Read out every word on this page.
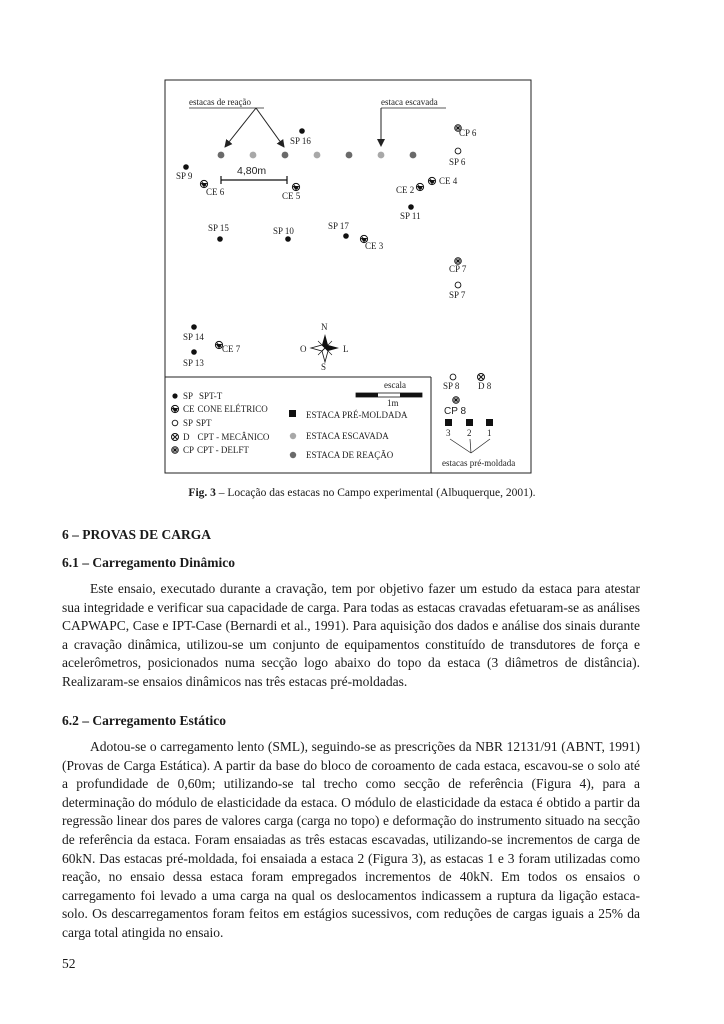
estacas de reação	estaca escavada
4,80m
SP 16
SP 9
CE 6	CE 5
CP 6
SP 6
CE 4
CE 2
SP 11
SP 15	SP 10	SP 17
CE 3
CP 7
SP 7
SP 14
CE 7
SP 13
N
O	L
S
escala
1m
SP SPT-T
CE CONE ELÉTRICO
SP SPT
D CPT - MECÂNICO
CP CPT - DELFT
ESTACA PRÉ-MOLDADA
ESTACA ESCAVADA
ESTACA DE REAÇÃO
SP 8 D 8
CP 8
3 2 1
estacas pré-moldada
Fig. 3 – Locação das estacas no Campo experimental (Albuquerque, 2001).
6 – PROVAS DE CARGA
6.1 – Carregamento Dinâmico

Este ensaio, executado durante a cravação, tem por objetivo fazer um estudo da estaca para atestar sua integridade e verificar sua capacidade de carga. Para todas as estacas cravadas efetuaram-se as análises CAPWAPC, Case e IPT-Case (Bernardi et al., 1991). Para aquisição dos dados e análise dos sinais durante a cravação dinâmica, utilizou-se um conjunto de equipamentos constituído de transdutores de força e acelerômetros, posicionados numa secção logo abaixo do topo da estaca (3 diâmetros de distância). Realizaram-se ensaios dinâmicos nas três estacas pré-moldadas.

6.2 – Carregamento Estático

Adotou-se o carregamento lento (SML), seguindo-se as prescrições da NBR 12131/91 (ABNT, 1991) (Provas de Carga Estática). A partir da base do bloco de coroamento de cada estaca, escavou-se o solo até a profundidade de 0,60m; utilizando-se tal trecho como secção de referência (Figura 4), para a determinação do módulo de elasticidade da estaca. O módulo de elasticidade da estaca é obtido a partir da regressão linear dos pares de valores carga (carga no topo) e deformação do instrumento situado na secção de referência da estaca. Foram ensaiadas as três estacas escavadas, utilizando-se incrementos de carga de 60kN. Das estacas pré-moldada, foi ensaiada a estaca 2 (Figura 3), as estacas 1 e 3 foram utilizadas como reação, no ensaio dessa estaca foram empregados incrementos de 40kN. Em todos os ensaios o carregamento foi levado a uma carga na qual os deslocamentos indicassem a ruptura da ligação estaca-solo. Os descarregamentos foram feitos em estágios sucessivos, com reduções de cargas iguais a 25% da carga total atingida no ensaio.

52
